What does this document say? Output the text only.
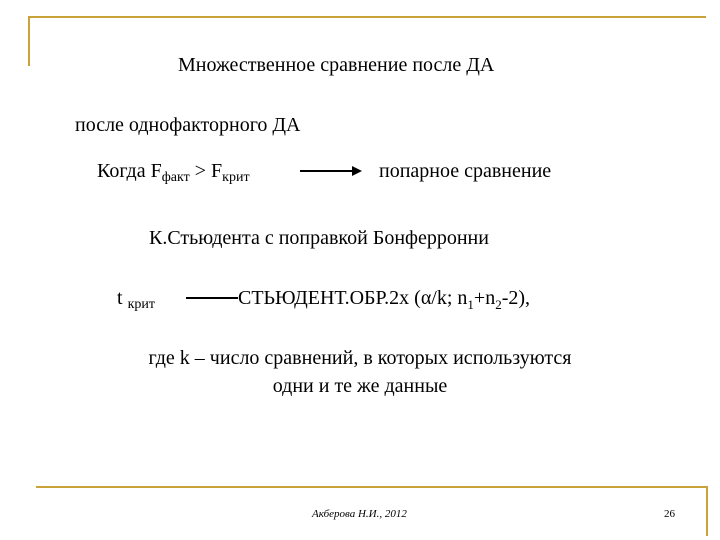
Множественное сравнение после ДА
после однофакторного ДА
Когда $F_{факт} > F_{крит}$	попарное сравнение
К.Стьюдента с поправкой Бонферронни
t $_{крит}$	СТЬЮДЕНТ.ОБР.2х (α/k; $n_1+n_2-2$),
где k – число сравнений, в которых используются
одни и те же данные
Акберова Н.И., 2012	26
